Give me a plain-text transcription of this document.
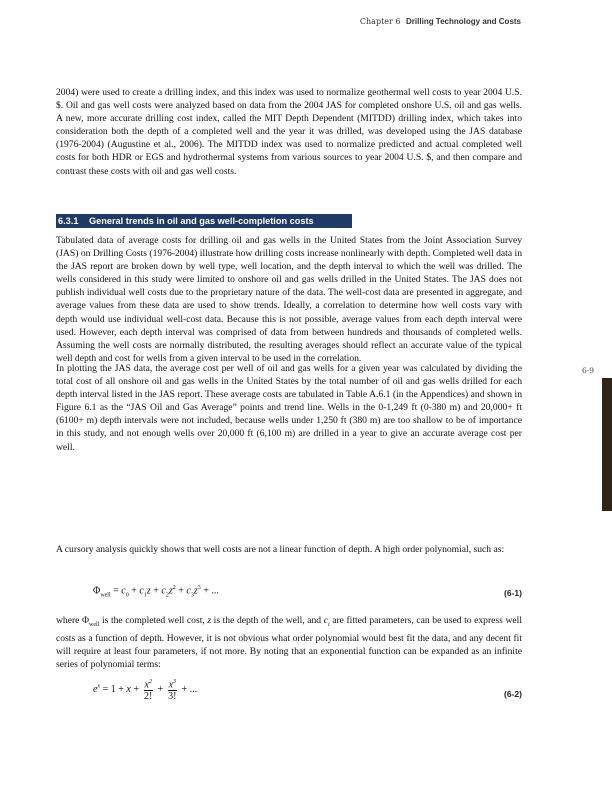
Chapter 6 Drilling Technology and Costs
2004) were used to create a drilling index, and this index was used to normalize geothermal well costs to year 2004 U.S. $. Oil and gas well costs were analyzed based on data from the 2004 JAS for completed onshore U.S. oil and gas wells. A new, more accurate drilling cost index, called the MIT Depth Dependent (MITDD) drilling index, which takes into consideration both the depth of a completed well and the year it was drilled, was developed using the JAS database (1976-2004) (Augustine et al., 2006). The MITDD index was used to normalize predicted and actual completed well costs for both HDR or EGS and hydrothermal systems from various sources to year 2004 U.S. $, and then compare and contrast these costs with oil and gas well costs.
6.3.1 General trends in oil and gas well-completion costs
Tabulated data of average costs for drilling oil and gas wells in the United States from the Joint Association Survey (JAS) on Drilling Costs (1976-2004) illustrate how drilling costs increase nonlinearly with depth. Completed well data in the JAS report are broken down by well type, well location, and the depth interval to which the well was drilled. The wells considered in this study were limited to onshore oil and gas wells drilled in the United States. The JAS does not publish individual well costs due to the proprietary nature of the data. The well-cost data are presented in aggregate, and average values from these data are used to show trends. Ideally, a correlation to determine how well costs vary with depth would use individual well-cost data. Because this is not possible, average values from each depth interval were used. However, each depth interval was comprised of data from between hundreds and thousands of completed wells. Assuming the well costs are normally distributed, the resulting averages should reflect an accurate value of the typical well depth and cost for wells from a given interval to be used in the correlation.
In plotting the JAS data, the average cost per well of oil and gas wells for a given year was calculated by dividing the total cost of all onshore oil and gas wells in the United States by the total number of oil and gas wells drilled for each depth interval listed in the JAS report. These average costs are tabulated in Table A.6.1 (in the Appendices) and shown in Figure 6.1 as the “JAS Oil and Gas Average” points and trend line. Wells in the 0-1,249 ft (0-380 m) and 20,000+ ft (6100+ m) depth intervals were not included, because wells under 1,250 ft (380 m) are too shallow to be of importance in this study, and not enough wells over 20,000 ft (6,100 m) are drilled in a year to give an accurate average cost per well.
A cursory analysis quickly shows that well costs are not a linear function of depth. A high order polynomial, such as:
$\Phi_{well} = c_0 + c_1z + c_2z^2 + c_3z^3$ + ...	(6-1)
where $\Phi_{well}$ is the completed well cost, z is the depth of the well, and $c_i$ are fitted parameters, can be used to express well costs as a function of depth. However, it is not obvious what order polynomial would best fit the data, and any decent fit will require at least four parameters, if not more. By noting that an exponential function can be expanded as an infinite series of polynomial terms:
$e^x = 1 + x + \frac{x^2}{2!} + \frac{x^3}{3!}$ + ...	(6-2)
6-9
